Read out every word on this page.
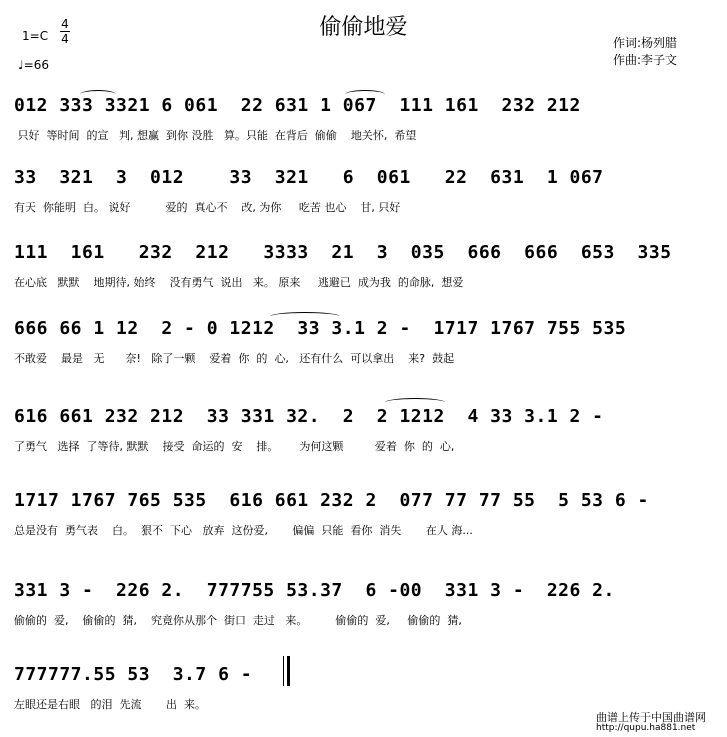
偷偷地爱
1=C
4
4
♩=66
作词:杨列腊
作曲:李子文
012 333 3321 6 061  22 631 1 067  111 161  232 212
只好  等时间  的宣   判, 想赢  到你 没胜   算。只能  在背后  偷偷    地关怀,  希望
33  321  3  012    33  321   6  061   22  631  1 067
有天  你能明  白。 说好          爱的  真心不    改, 为你     吃苦 也心    甘, 只好
111  161   232  212   3333  21  3  035  666  666  653  335
在心底   默默    地期待, 始终    没有勇气  说出   来。 原来     逃避已  成为我  的命脉,  想爱
666 66 1 12  2 - 0 1212  33 3.1 2 -  1717 1767 755 535
不敢爱    最是   无      奈!   除了一颗    爱着  你  的  心,   还有什么  可以拿出    来?  鼓起
616 661 232 212  33 331 32.  2  2 1212  4 33 3.1 2 -
了勇气   选择  了等待, 默默    接受  命运的  安    排。      为何这颗         爱着  你  的  心,
1717 1767 765 535  616 661 232 2  077 77 77 55  5 53 6 -
总是没有  勇气表    白。  狠不  下心   放弃  这份爱,       偏偏  只能  看你  消失       在人 海...
331 3 -  226 2.  777755 53.37  6 -00  331 3 -  226 2.
偷偷的  爱,    偷偷的  猜,    究竟你从那个  街口  走过   来。        偷偷的  爱,     偷偷的  猜,
777777.55 53  3.7 6 -
左眼还是右眼   的泪  先流       出  来。
曲谱上传于中国曲谱网
http://qupu.ha881.net
